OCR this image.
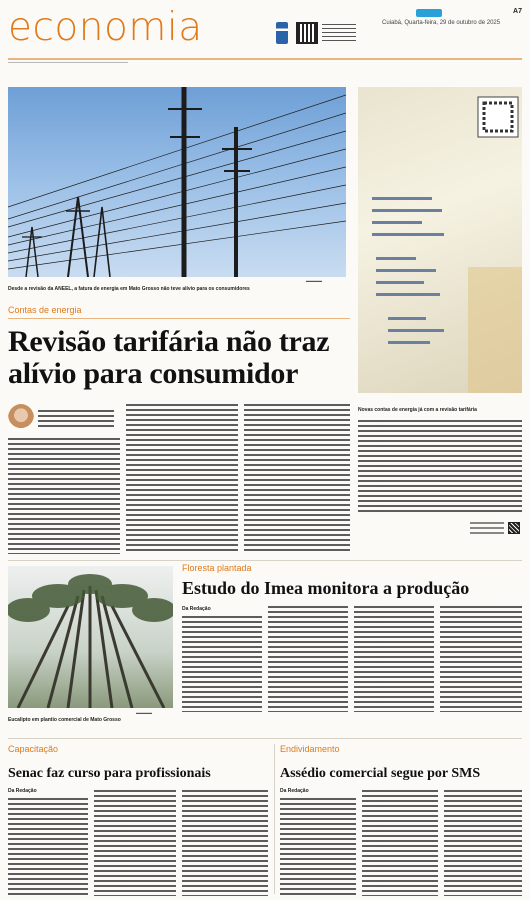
economia	A7
Cuiabá, Quarta-feira, 29 de outubro de 2025
▬▬▬▬
Desde a revisão da ANEEL, a fatura de energia em Mato Grosso não teve alívio para os consumidores
Novas contas de energia já com a revisão tarifária
Contas de energia
Revisão tarifária não traz alívio para consumidor
▬▬▬▬
Eucalipto em plantio comercial de Mato Grosso
Floresta plantada
Estudo do Imea monitora a produção
Da Redação
Capacitação
Senac faz curso para profissionais
Da Redação
Endividamento
Assédio comercial segue por SMS
Da Redação
